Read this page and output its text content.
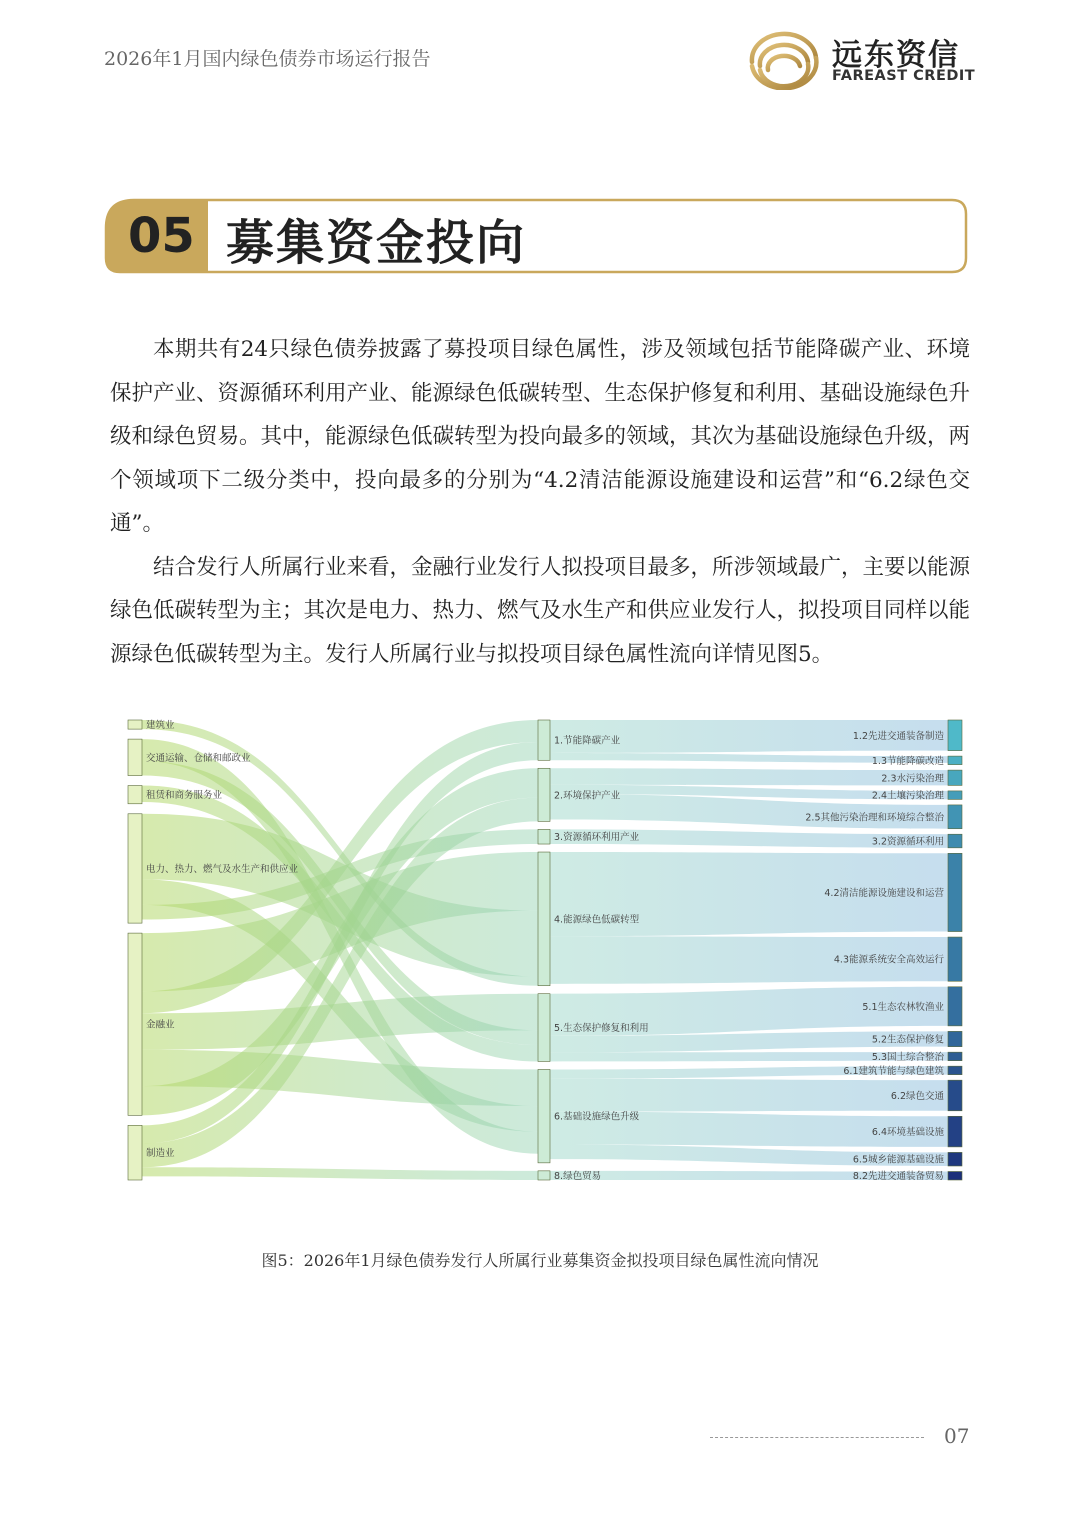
2026年1月国内绿色债券市场运行报告	远东资信
FAREAST CREDIT
05 募集资金投向

本期共有24只绿色债券披露了募投项目绿色属性，涉及领域包括节能降碳产业、环境保护产业、资源循环利用产业、能源绿色低碳转型、生态保护修复和利用、基础设施绿色升级和绿色贸易。其中，能源绿色低碳转型为投向最多的领域，其次为基础设施绿色升级，两个领域项下二级分类中，投向最多的分别为“4.2清洁能源设施建设和运营”和“6.2绿色交通”。

结合发行人所属行业来看，金融行业发行人拟投项目最多，所涉领域最广，主要以能源绿色低碳转型为主；其次是电力、热力、燃气及水生产和供应业发行人，拟投项目同样以能源绿色低碳转型为主。发行人所属行业与拟投项目绿色属性流向详情见图5。

建筑业
交通运输、仓储和邮政业
租赁和商务服务业
电力、热力、燃气及水生产和供应业
金融业
制造业
1.节能降碳产业
2.环境保护产业
3.资源循环利用产业
4.能源绿色低碳转型
5.生态保护修复和利用
6.基础设施绿色升级
8.绿色贸易
1.2先进交通装备制造
1.3节能降碳改造
2.3水污染治理
2.4土壤污染治理
2.5其他污染治理和环境综合整治
3.2资源循环利用
4.2清洁能源设施建设和运营
4.3能源系统安全高效运行
5.1生态农林牧渔业
5.2生态保护修复
5.3国土综合整治
6.1建筑节能与绿色建筑
6.2绿色交通
6.4环境基础设施
6.5城乡能源基础设施
8.2先进交通装备贸易
图5：2026年1月绿色债券发行人所属行业募集资金拟投项目绿色属性流向情况
07
